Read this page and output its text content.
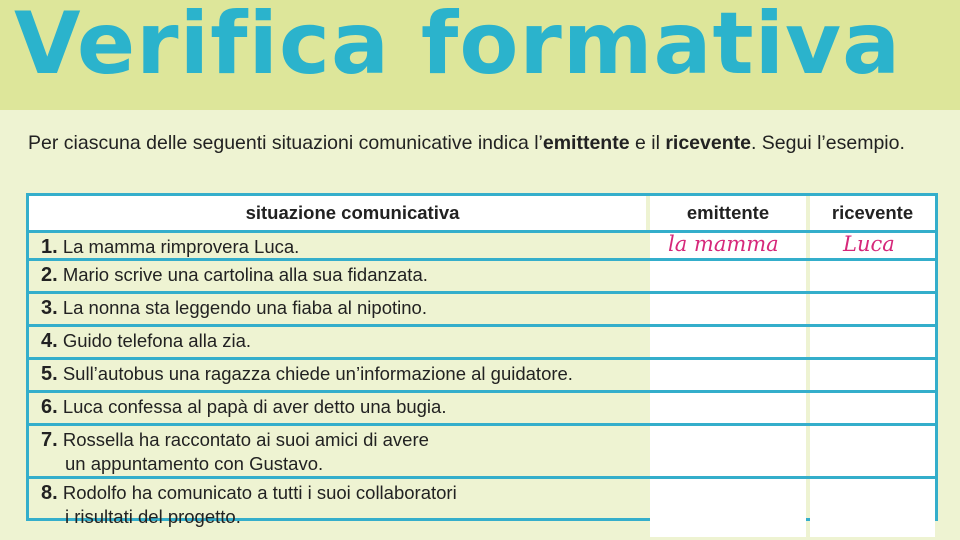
Verifica formativa
Per ciascuna delle seguenti situazioni comunicative indica l’emittente e il ricevente. Segui l’esempio.
situazione comunicativa	emittente	ricevente
1. La mamma rimprovera Luca.	la mamma	Luca
2. Mario scrive una cartolina alla sua fidanzata.
3. La nonna sta leggendo una fiaba al nipotino.
4. Guido telefona alla zia.
5. Sull’autobus una ragazza chiede un’informazione al guidatore.
6. Luca confessa al papà di aver detto una bugia.
7. Rossella ha raccontato ai suoi amici di avere
un appuntamento con Gustavo.
8. Rodolfo ha comunicato a tutti i suoi collaboratori
i risultati del progetto.
